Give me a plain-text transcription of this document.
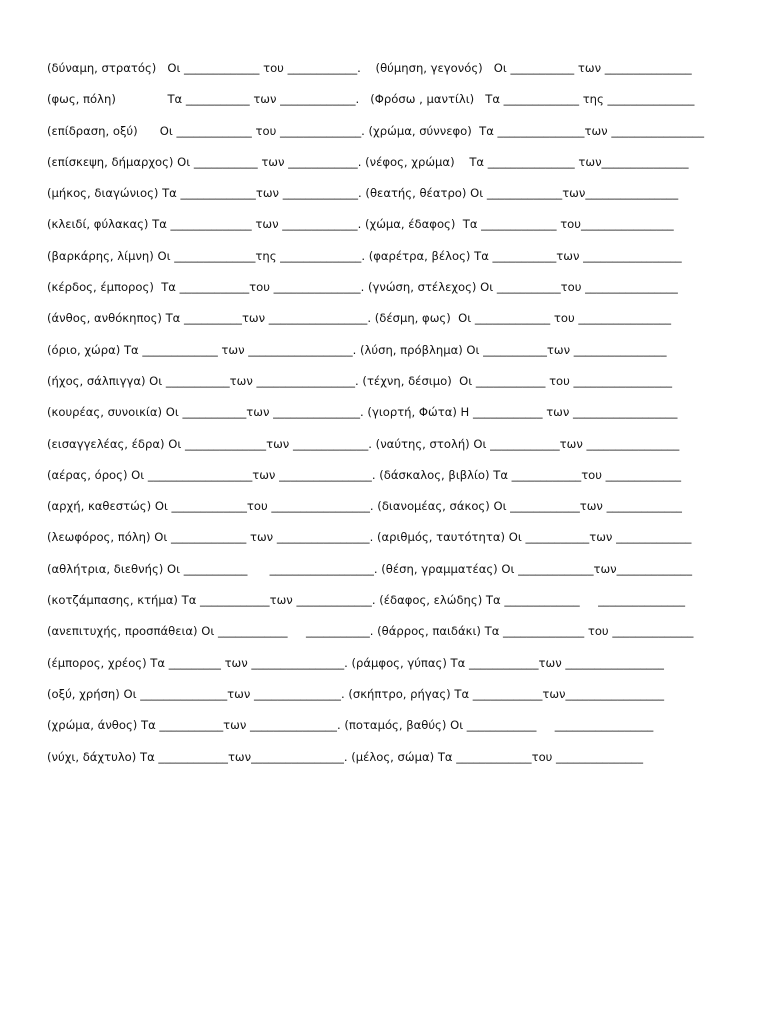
(δύναμη, στρατός)   Οι _____________ του ____________.    (θύμηση, γεγονός)   Οι ___________ των _______________
(φως, πόλη)              Τα ___________ των _____________.   (Φρόσω , μαντίλι)   Τα _____________ της _______________
(επίδραση, οξύ)      Οι _____________ του ______________. (χρώμα, σύννεφο)  Τα _______________των ________________
(επίσκεψη, δήμαρχος) Οι ___________ των ____________. (νέφος, χρώμα)    Τα _______________ των_______________
(μήκος, διαγώνιος) Τα _____________των _____________. (θεατής, θέατρο) Οι _____________των________________
(κλειδί, φύλακας) Τα ______________ των _____________. (χώμα, έδαφος)  Τα _____________ του________________
(βαρκάρης, λίμνη) Οι ______________της ______________. (φαρέτρα, βέλος) Τα ___________των _________________
(κέρδος, έμπορος)  Τα ____________του _______________. (γνώση, στέλεχος) Οι ___________του ________________
(άνθος, ανθόκηπος) Τα __________των _________________. (δέσμη, φως)  Οι _____________ του ________________
(όριο, χώρα) Τα _____________ των __________________. (λύση, πρόβλημα) Οι ___________των ________________
(ήχος, σάλπιγγα) Οι ___________των _________________. (τέχνη, δέσιμο)  Οι ____________ του _________________
(κουρέας, συνοικία) Οι ___________των _______________. (γιορτή, Φώτα) Η ____________ των __________________
(εισαγγελέας, έδρα) Οι ______________των _____________. (ναύτης, στολή) Οι ____________των ________________
(αέρας, όρος) Οι __________________των ________________. (δάσκαλος, βιβλίο) Τα ____________του _____________
(αρχή, καθεστώς) Οι _____________του _________________. (διανομέας, σάκος) Οι ____________των _____________
(λεωφόρος, πόλη) Οι _____________ των ________________. (αριθμός, ταυτότητα) Οι ___________των _____________
(αθλήτρια, διεθνής) Οι ___________      __________________. (θέση, γραμματέας) Οι _____________των_____________
(κοτζάμπασης, κτήμα) Τα ____________των _____________. (έδαφος, ελώδης) Τα _____________     _______________
(ανεπιτυχής, προσπάθεια) Οι ____________     ___________. (θάρρος, παιδάκι) Τα ______________ του ______________
(έμπορος, χρέος) Τα _________ των ________________. (ράμφος, γύπας) Τα ____________των _________________
(οξύ, χρήση) Οι _______________των _______________. (σκήπτρο, ρήγας) Τα ____________των_________________
(χρώμα, άνθος) Τα ___________των _______________. (ποταμός, βαθύς) Οι ____________     _________________
(νύχι, δάχτυλο) Τα ____________των________________. (μέλος, σώμα) Τα _____________του _______________
